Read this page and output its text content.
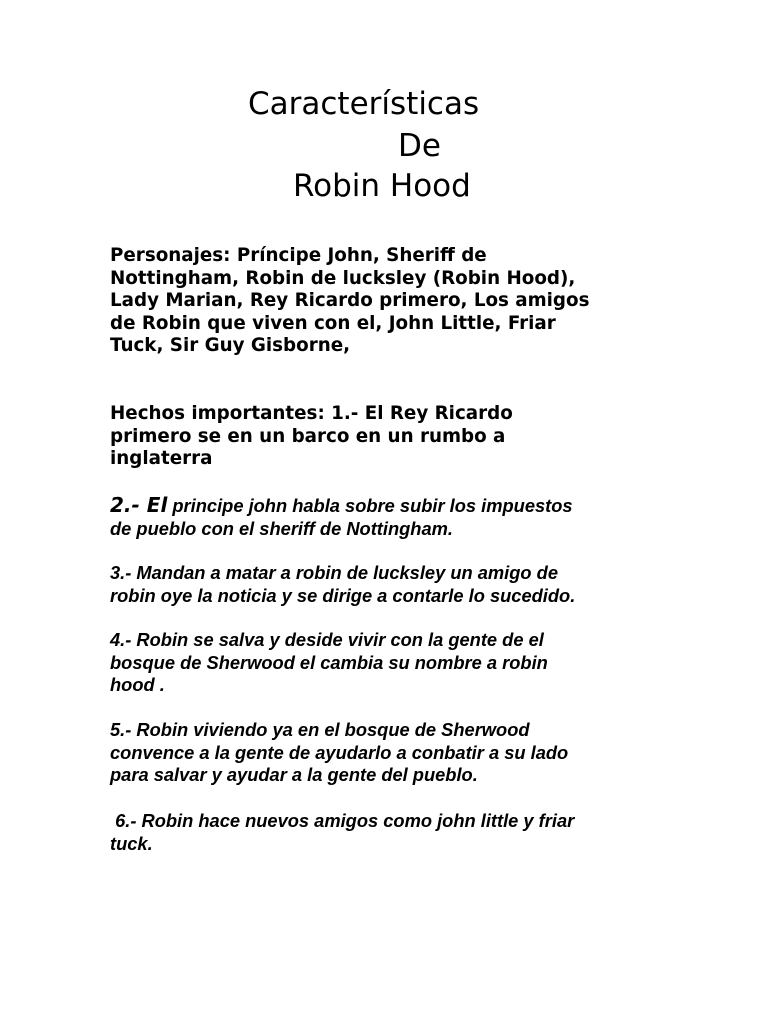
Características
De
Robin Hood

Personajes: Príncipe John, Sheriff de
Nottingham, Robin de lucksley (Robin Hood),
Lady Marian, Rey Ricardo primero, Los amigos
de Robin que viven con el, John Little, Friar
Tuck, Sir Guy Gisborne,

Hechos importantes: 1.- El Rey Ricardo
primero se en un barco en un rumbo a
inglaterra

2.- El principe john habla sobre subir los impuestos
de pueblo con el sheriff de Nottingham.

3.- Mandan a matar a robin de lucksley un amigo de
robin oye la noticia y se dirige a contarle lo sucedido.

4.- Robin se salva y deside vivir con la gente de el
bosque de Sherwood el cambia su nombre a robin
hood .

5.- Robin viviendo ya en el bosque de Sherwood
convence a la gente de ayudarlo a conbatir a su lado
para salvar y ayudar a la gente del pueblo.

6.- Robin hace nuevos amigos como john little y friar
tuck.
